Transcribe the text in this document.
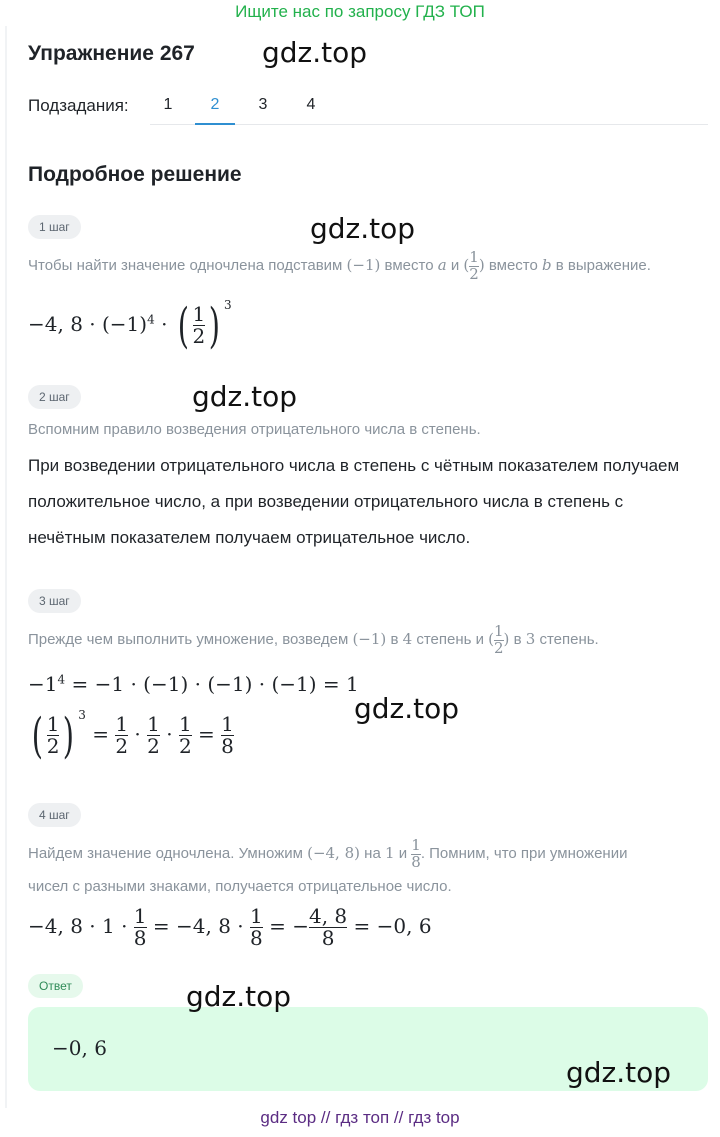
Ищите нас по запросу ГДЗ ТОП
Упражнение 267 gdz.top
Подзадания:	1	2	3	4
Подробное решение
1 шаг	gdz.top
Чтобы найти значение одночлена подставим (−1) вместо a и ( $\frac{1}{2}$ ) вместо b в выражение.
−4, $8 \cdot (-1)^4$ · ( $\frac{1}{2}$ ) $^3$
2 шаг	gdz.top
Вспомним правило возведения отрицательного числа в степень.
При возведении отрицательного числа в степень с чётным показателем получаем положительное число, а при возведении отрицательного числа в степень с нечётным показателем получаем отрицательное число.
3 шаг
Прежде чем выполнить умножение, возведем (−1) в 4 степень и ( $\frac{1}{2}$ ) в 3 степень.
$-1^4 = -1 \cdot (-1) \cdot (-1) \cdot (-1) = 1$
gdz.top
( $\frac{1}{2}$ ) $^3 = \frac{1}{2} \cdot \frac{1}{2} \cdot \frac{1}{2} = \frac{1}{8}$
4 шаг
Найдем значение одночлена. Умножим (−4, 8) на 1 и $\frac{1}{8}$ . Помним, что при умножении
чисел с разными знаками, получается отрицательное число.
−4, $8 \cdot 1 \cdot \frac{1}{8} = -4$, $8 \cdot \frac{1}{8}$ = − $\frac{4, 8}{8} = -0$, 6
Ответ	gdz.top
−0, 6
gdz.top
gdz top // гдз топ // гдз top
